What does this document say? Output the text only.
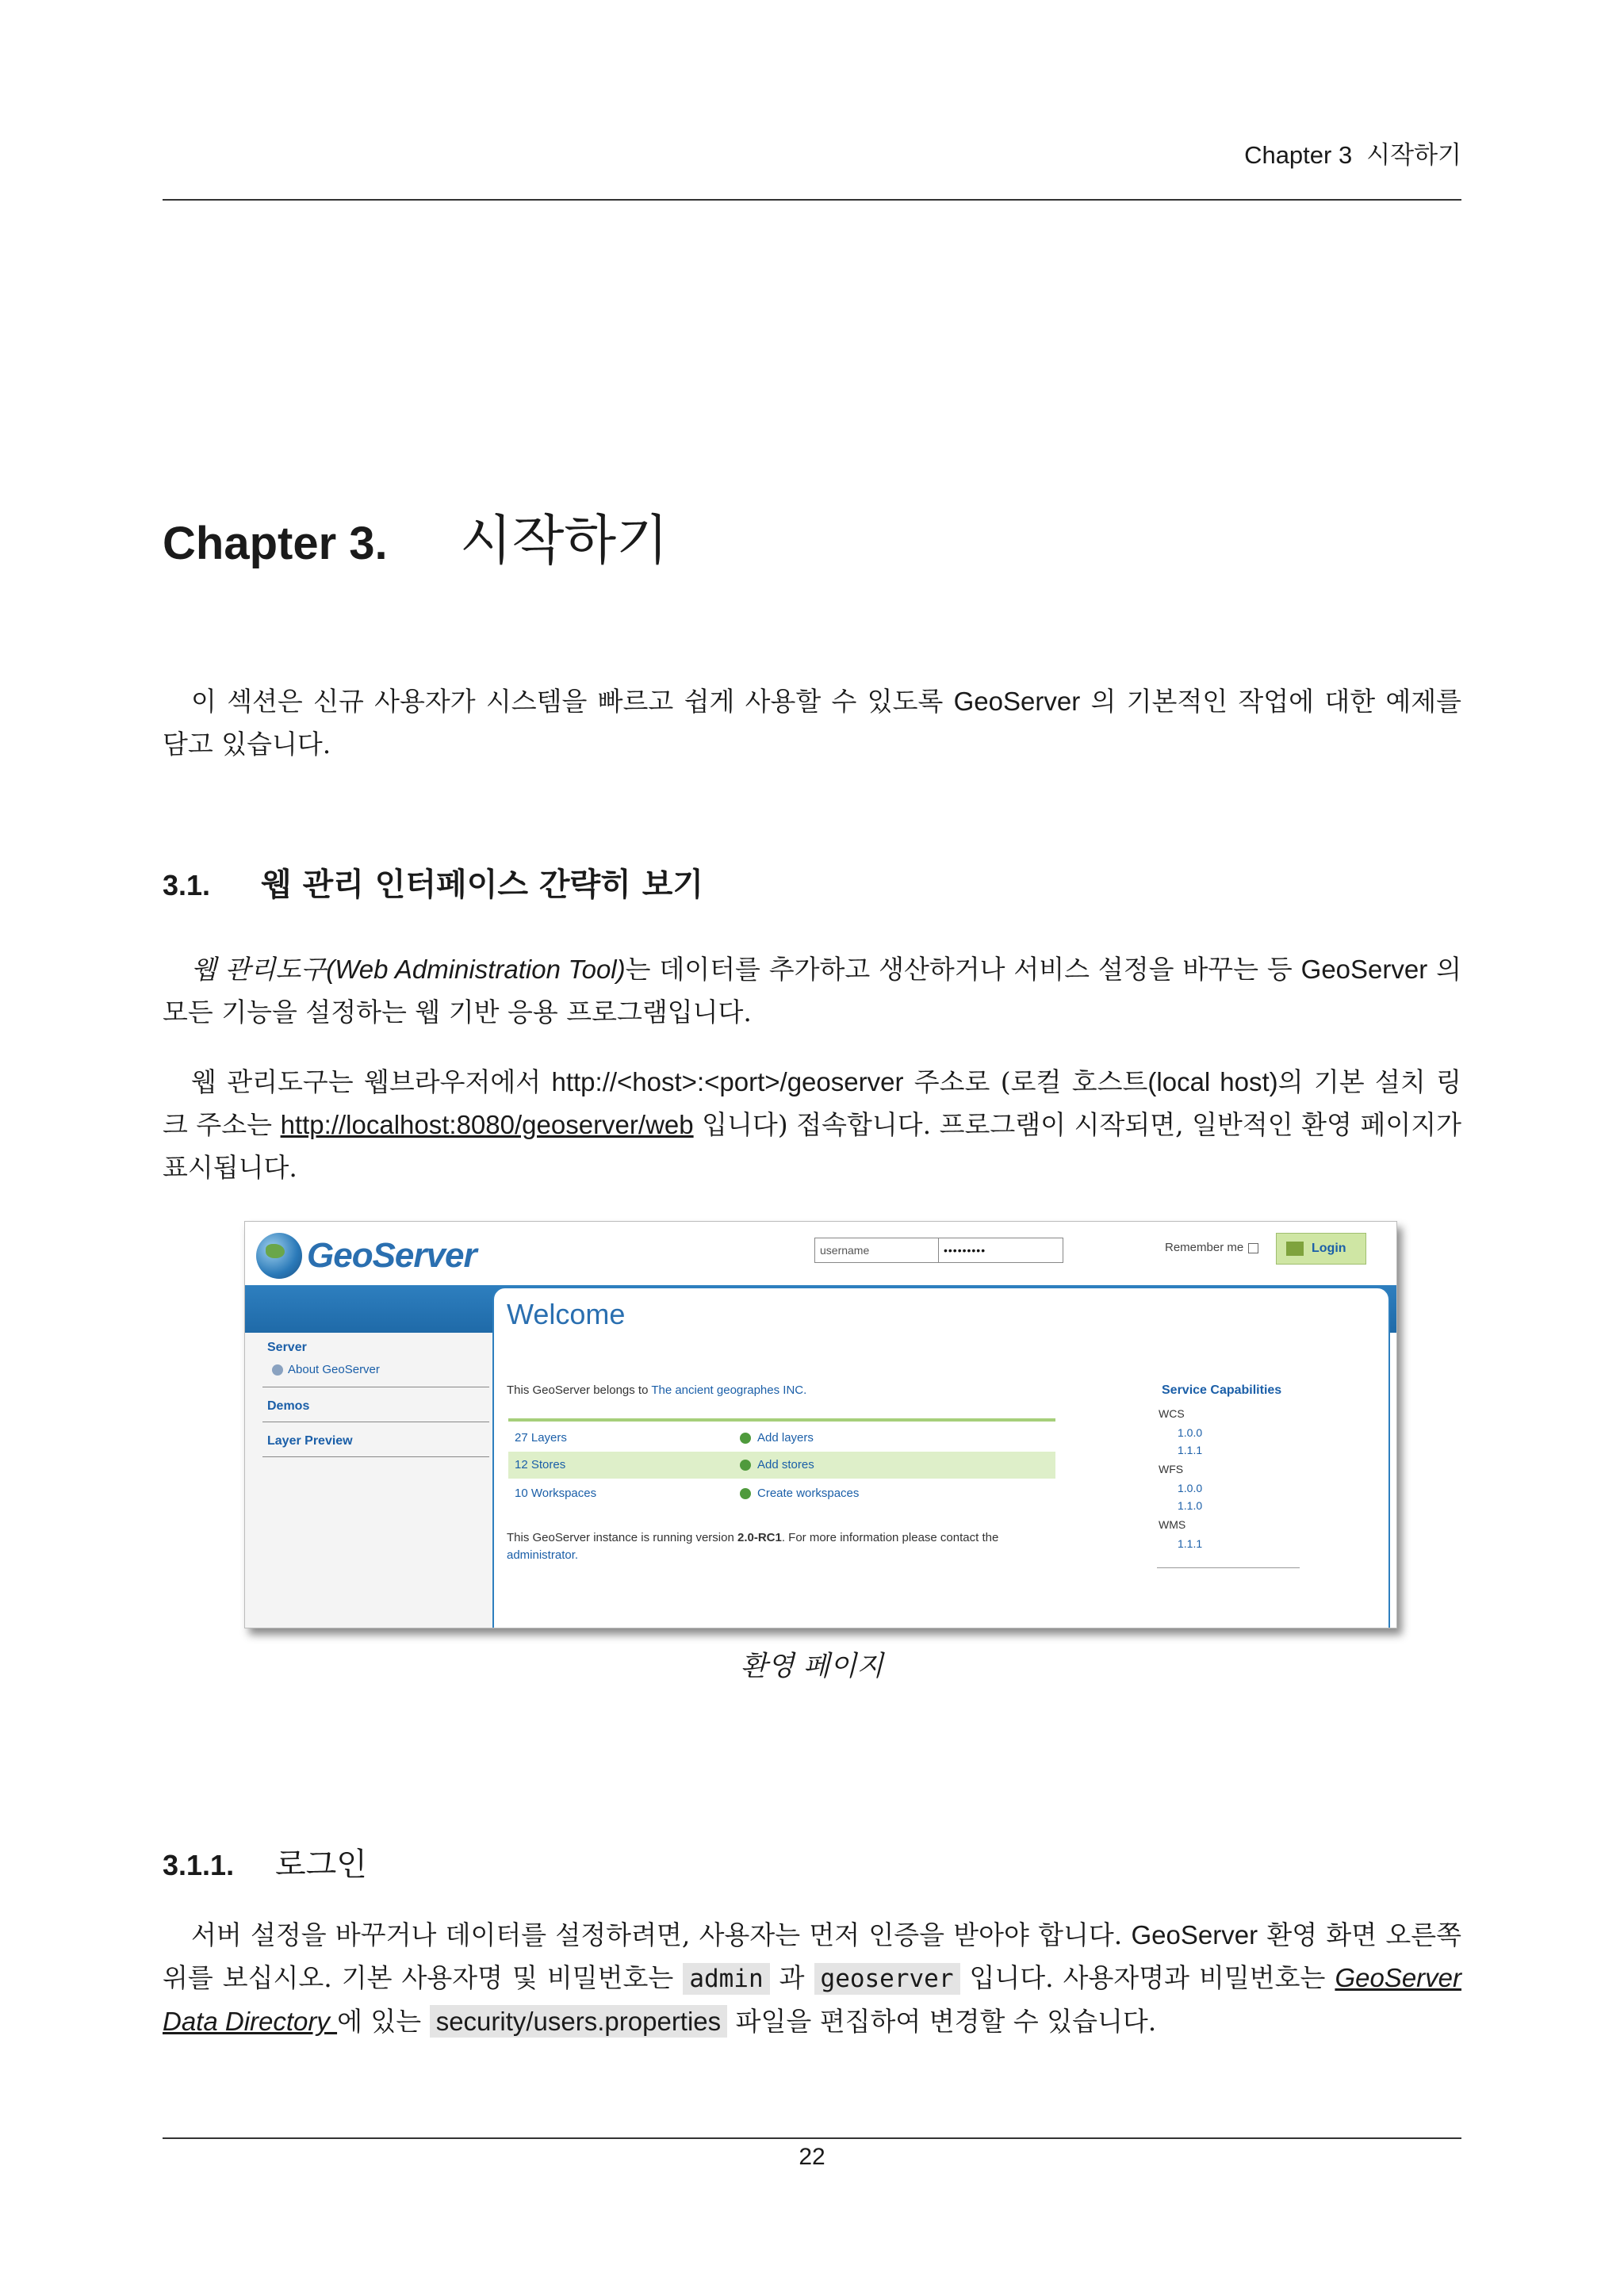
Chapter 3 시작하기
Chapter 3.	시작하기

이 섹션은 신규 사용자가 시스템을 빠르고 쉽게 사용할 수 있도록 GeoServer 의 기본적인 작업에 대한 예제를 담고 있습니다.

3.1.	웹 관리 인터페이스 간략히 보기

웹 관리도구(Web Administration Tool)는 데이터를 추가하고 생산하거나 서비스 설정을 바꾸는 등 GeoServer 의 모든 기능을 설정하는 웹 기반 응용 프로그램입니다.

웹 관리도구는 웹브라우저에서 http://<host>:<port>/geoserver 주소로 (로컬 호스트(local host)의 기본 설치 링크 주소는 http://localhost:8080/geoserver/web 입니다) 접속합니다. 프로그램이 시작되면, 일반적인 환영 페이지가 표시됩니다.

GeoServer	username	•••••••••	Remember me	Login
Server
About GeoServer
Demos
Layer Preview
Welcome
This GeoServer belongs to The ancient geographes INC.
27 Layers	Add layers
12 Stores	Add stores
10 Workspaces	Create workspaces
This GeoServer instance is running version 2.0-RC1. For more information please contact the administrator.
Service Capabilities
WCS
1.0.0
1.1.1
WFS
1.0.0
1.1.0
WMS
1.1.1
환영 페이지
3.1.1.	로그인

서버 설정을 바꾸거나 데이터를 설정하려면, 사용자는 먼저 인증을 받아야 합니다. GeoServer 환영 화면 오른쪽 위를 보십시오. 기본 사용자명 및 비밀번호는 admin 과 geoserver 입니다. 사용자명과 비밀번호는 GeoServer Data Directory 에 있는 security/users.properties 파일을 편집하여 변경할 수 있습니다.

22
